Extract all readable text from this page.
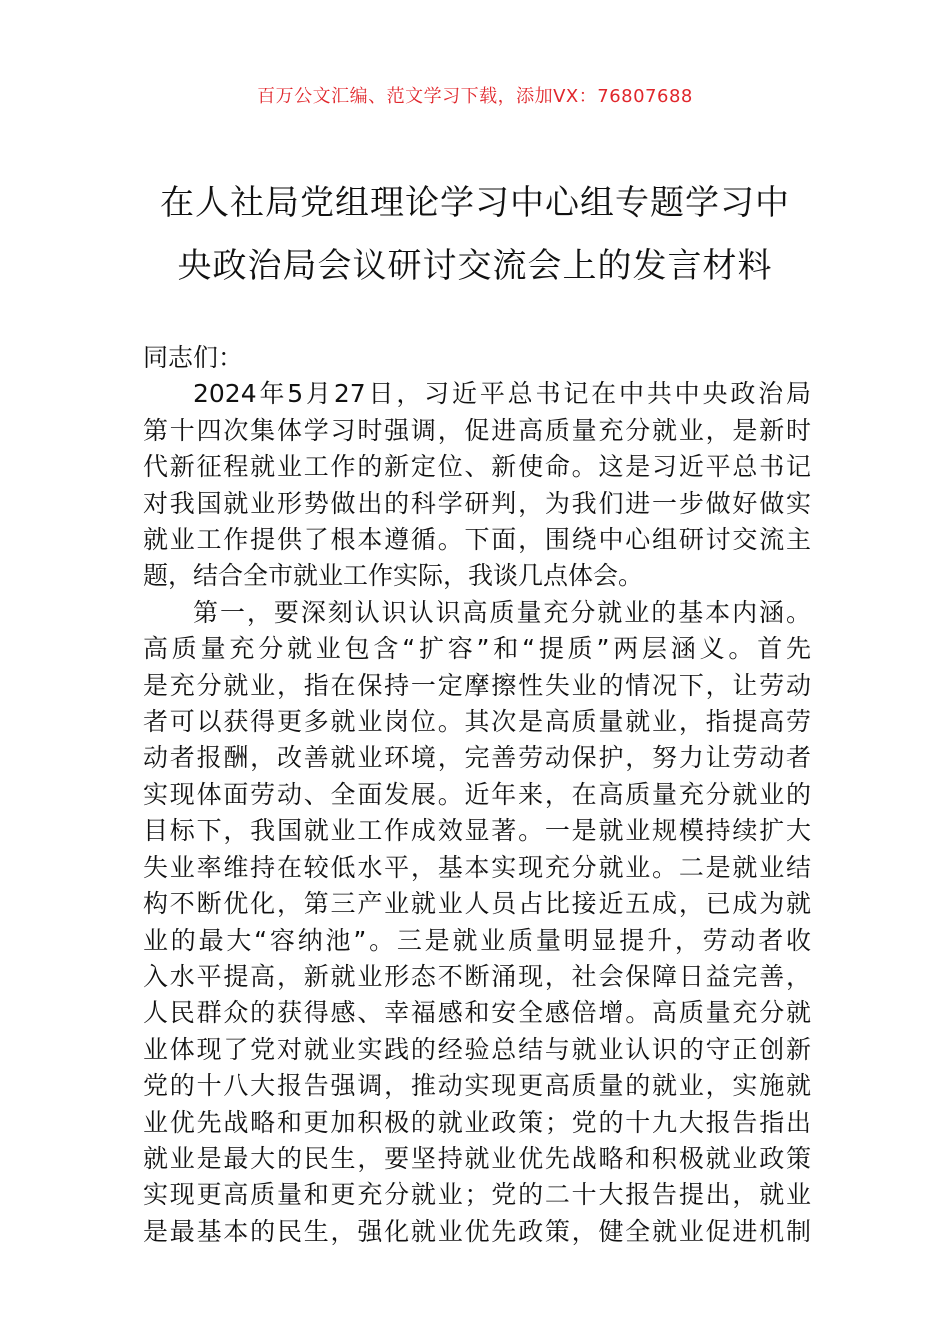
百万公文汇编、范文学习下载，添加VX：76807688
在人社局党组理论学习中心组专题学习中
央政治局会议研讨交流会上的发言材料

同志们：

2024年5月27日，习近平总书记在中共中央政治局
第十四次集体学习时强调，促进高质量充分就业，是新时
代新征程就业工作的新定位、新使命。这是习近平总书记
对我国就业形势做出的科学研判，为我们进一步做好做实
就业工作提供了根本遵循。下面，围绕中心组研讨交流主
题，结合全市就业工作实际，我谈几点体会。

第一，要深刻认识认识高质量充分就业的基本内涵。
高质量充分就业包含“扩容”和“提质”两层涵义。首先
是充分就业，指在保持一定摩擦性失业的情况下，让劳动
者可以获得更多就业岗位。其次是高质量就业，指提高劳
动者报酬，改善就业环境，完善劳动保护，努力让劳动者
实现体面劳动、全面发展。近年来，在高质量充分就业的
目标下，我国就业工作成效显著。一是就业规模持续扩大
失业率维持在较低水平，基本实现充分就业。二是就业结
构不断优化，第三产业就业人员占比接近五成，已成为就
业的最大“容纳池”。三是就业质量明显提升，劳动者收
入水平提高，新就业形态不断涌现，社会保障日益完善，
人民群众的获得感、幸福感和安全感倍增。高质量充分就
业体现了党对就业实践的经验总结与就业认识的守正创新
党的十八大报告强调，推动实现更高质量的就业，实施就
业优先战略和更加积极的就业政策；党的十九大报告指出
就业是最大的民生，要坚持就业优先战略和积极就业政策
实现更高质量和更充分就业；党的二十大报告提出，就业
是最基本的民生，强化就业优先政策，健全就业促进机制
